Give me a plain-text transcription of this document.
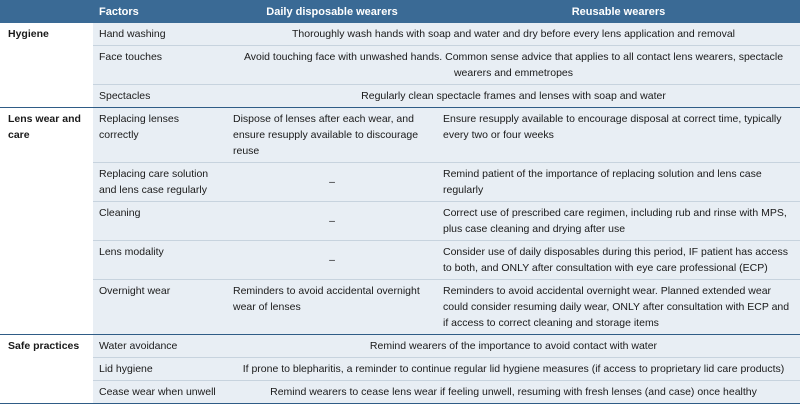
	Factors	Daily disposable wearers	Reusable wearers
Hygiene	Hand washing	Thoroughly wash hands with soap and water and dry before every lens application and removal	
	Face touches	Avoid touching face with unwashed hands. Common sense advice that applies to all contact lens wearers, spectacle wearers and emmetropes	
	Spectacles	Regularly clean spectacle frames and lenses with soap and water	
Lens wear and care	Replacing lenses correctly	Dispose of lenses after each wear, and ensure resupply available to discourage reuse	Ensure resupply available to encourage disposal at correct time, typically every two or four weeks
	Replacing care solution and lens case regularly	–	Remind patient of the importance of replacing solution and lens case regularly
	Cleaning	–	Correct use of prescribed care regimen, including rub and rinse with MPS, plus case cleaning and drying after use
	Lens modality	–	Consider use of daily disposables during this period, IF patient has access to both, and ONLY after consultation with eye care professional (ECP)
	Overnight wear	Reminders to avoid accidental overnight wear of lenses	Reminders to avoid accidental overnight wear. Planned extended wear could consider resuming daily wear, ONLY after consultation with ECP and if access to correct cleaning and storage items
Safe practices	Water avoidance	Remind wearers of the importance to avoid contact with water	
	Lid hygiene	If prone to blepharitis, a reminder to continue regular lid hygiene measures (if access to proprietary lid care products)	
	Cease wear when unwell	Remind wearers to cease lens wear if feeling unwell, resuming with fresh lenses (and case) once healthy	
